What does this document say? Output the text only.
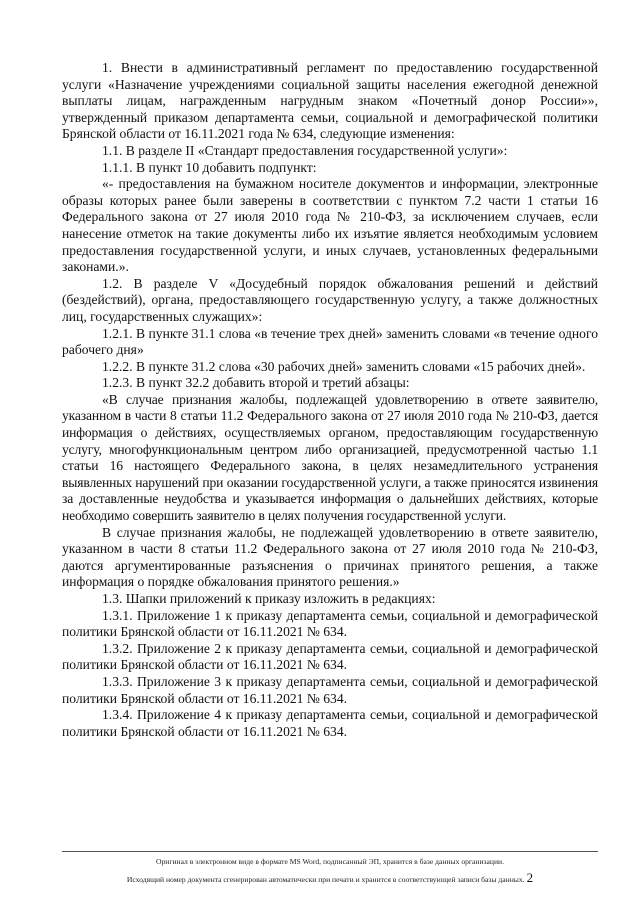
1. Внести в административный регламент по предоставлению государственной услуги «Назначение учреждениями социальной защиты населения ежегодной денежной выплаты лицам, награжденным нагрудным знаком «Почетный донор России»», утвержденный приказом департамента семьи, социальной и демографической политики Брянской области от 16.11.2021 года № 634, следующие изменения:

1.1. В разделе II «Стандарт предоставления государственной услуги»:

1.1.1. В пункт 10 добавить подпункт:

«- предоставления на бумажном носителе документов и информации, электронные образы которых ранее были заверены в соответствии с пунктом 7.2 части 1 статьи 16 Федерального закона от 27 июля 2010 года № 210-ФЗ, за исключением случаев, если нанесение отметок на такие документы либо их изъятие является необходимым условием предоставления государственной услуги, и иных случаев, установленных федеральными законами.».

1.2. В разделе V «Досудебный порядок обжалования решений и действий (бездействий), органа, предоставляющего государственную услугу, а также должностных лиц, государственных служащих»:

1.2.1. В пункте 31.1 слова «в течение трех дней» заменить словами «в течение одного рабочего дня»

1.2.2. В пункте 31.2 слова «30 рабочих дней» заменить словами «15 рабочих дней».

1.2.3. В пункт 32.2 добавить второй и третий абзацы:

«В случае признания жалобы, подлежащей удовлетворению в ответе заявителю, указанном в части 8 статьи 11.2 Федерального закона от 27 июля 2010 года № 210-ФЗ, дается информация о действиях, осуществляемых органом, предоставляющим государственную услугу, многофункциональным центром либо организацией, предусмотренной частью 1.1 статьи 16 настоящего Федерального закона, в целях незамедлительного устранения выявленных нарушений при оказании государственной услуги, а также приносятся извинения за доставленные неудобства и указывается информация о дальнейших действиях, которые необходимо совершить заявителю в целях получения государственной услуги.

В случае признания жалобы, не подлежащей удовлетворению в ответе заявителю, указанном в части 8 статьи 11.2 Федерального закона от 27 июля 2010 года № 210-ФЗ, даются аргументированные разъяснения о причинах принятого решения, а также информация о порядке обжалования принятого решения.»

1.3. Шапки приложений к приказу изложить в редакциях:

1.3.1. Приложение 1 к приказу департамента семьи, социальной и демографической политики Брянской области от 16.11.2021 № 634.

1.3.2. Приложение 2 к приказу департамента семьи, социальной и демографической политики Брянской области от 16.11.2021 № 634.

1.3.3. Приложение 3 к приказу департамента семьи, социальной и демографической политики Брянской области от 16.11.2021 № 634.

1.3.4. Приложение 4 к приказу департамента семьи, социальной и демографической политики Брянской области от 16.11.2021 № 634.

Оригинал в электронном виде в формате MS Word, подписанный ЭП, хранится в базе данных организации.
Исходящий номер документа сгенерирован автоматически при печати и хранится в соответствующей записи базы данных. 2
